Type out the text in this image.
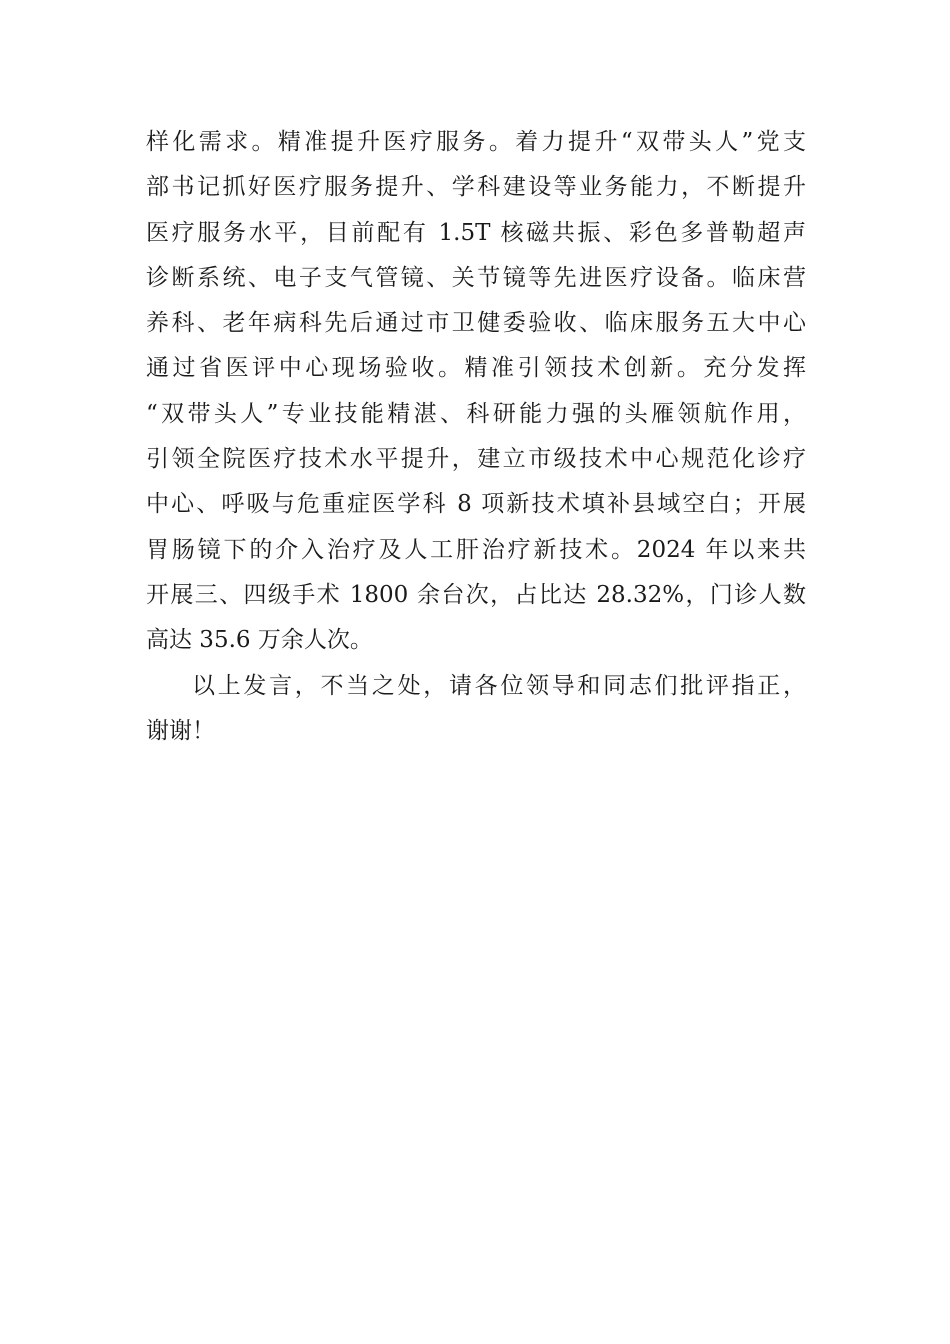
样化需求。精准提升医疗服务。着力提升“双带头人”党支
部书记抓好医疗服务提升、学科建设等业务能力，不断提升
医疗服务水平，目前配有 1.5T 核磁共振、彩色多普勒超声
诊断系统、电子支气管镜、关节镜等先进医疗设备。临床营
养科、老年病科先后通过市卫健委验收、临床服务五大中心
通过省医评中心现场验收。精准引领技术创新。充分发挥
“双带头人”专业技能精湛、科研能力强的头雁领航作用，
引领全院医疗技术水平提升，建立市级技术中心规范化诊疗
中心、呼吸与危重症医学科 8 项新技术填补县域空白；开展
胃肠镜下的介入治疗及人工肝治疗新技术。2024 年以来共
开展三、四级手术 1800 余台次，占比达 28.32%，门诊人数
高达 35.6 万余人次。
以上发言，不当之处，请各位领导和同志们批评指正，
谢谢！
